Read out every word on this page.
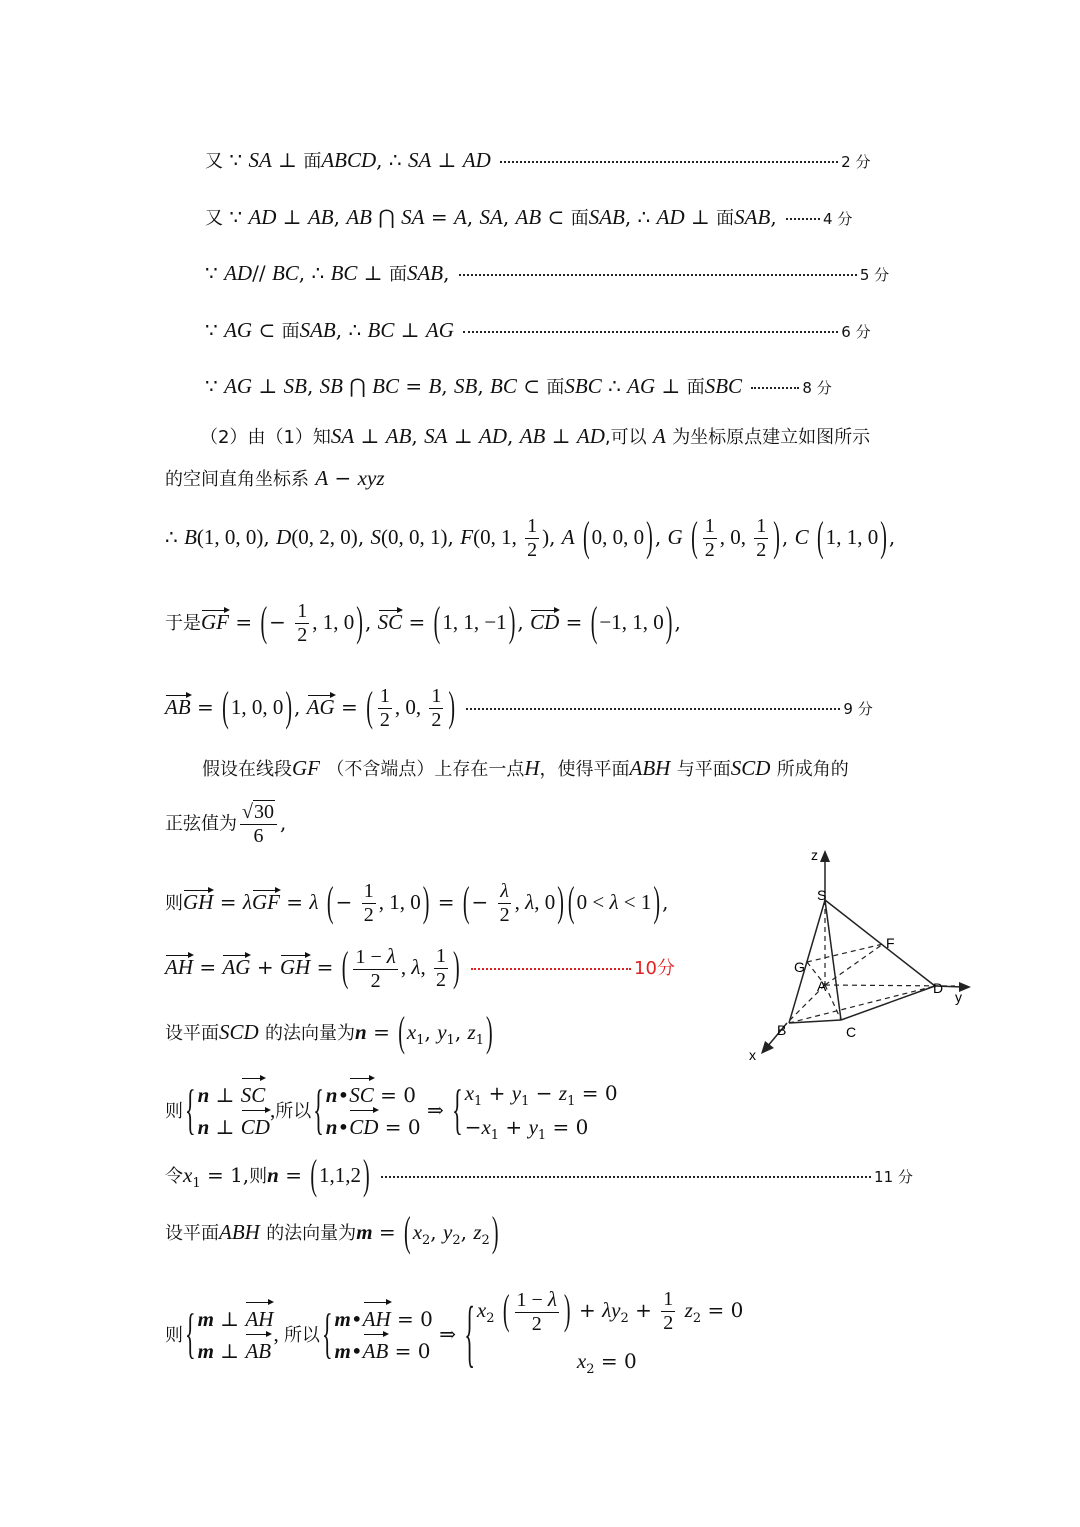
又 ∵ SA ⊥ 面ABCD, ∴ SA ⊥ AD	2 分
又 ∵ AD ⊥ AB, AB ⋂ SA = A, SA, AB ⊂ 面SAB, ∴ AD ⊥ 面SAB,	4 分
∵ AD// BC, ∴ BC ⊥ 面SAB,	5 分
∵ AG ⊂ 面SAB, ∴ BC ⊥ AG	6 分
∵ AG ⊥ SB, SB ⋂ BC = B, SB, BC ⊂ 面SBC ∴ AG ⊥ 面SBC	8 分
（2）由（1）知SA ⊥ AB, SA ⊥ AD, AB ⊥ AD,可以 A 为坐标原点建立如图所示
的空间直角坐标系 A − xyz
∴ B(1, 0, 0), D(0, 2, 0), S(0, 0, 1), F(0, 1, $\frac{1}{2}$ ), A (0, 0, 0 ) , G ( $\frac{1}{2}$ , 0, $\frac{1}{2}$ ) , C (1, 1, 0 ) ,
于是GF = ( − $\frac{1}{2}$ , 1, 0 ) , SC = (1, 1, −1 ) , CD = (−1, 1, 0 ) ,
AB = (1, 0, 0 ) , AG = ( $\frac{1}{2}$ , 0, $\frac{1}{2}$ )	9 分
假设在线段GF （不含端点）上存在一点H，使得平面ABH 与平面SCD 所成角的
正弦值为 $\frac{√30}{6}$ ,
则GH = λGF = λ ( − $\frac{1}{2}$ , 1, 0 ) = ( − $\frac{\lambda}{2}$ , λ, 0 ) (0 < λ < 1 ) ,
AH = AG + GH = ( $\frac{1 - \lambda}{2}$ , λ, $\frac{1}{2}$ )	10分
设平面SCD 的法向量为$n = (x_1$, $y_1$, $z_1$ )
则{ n ⊥ SC
n ⊥ CD
,所以{ n•SC = 0
n•CD = 0
⇒ { $x_1 + y_1 - z_1 = 0$
$-x_1 + y_1 = 0$
令$x_1 = 1$,则n = (1,1,2 )	11 分
设平面ABH 的法向量为$m = (x_2$, $y_2$, $z_2$ )
则{ m ⊥ AH
m ⊥ AB
, 所以{ m•AH = 0
m•AB = 0
⇒ { $x_2$ ( $\frac{1 - \lambda}{2}$ ) + $\lambda y_2 + \frac{1}{2} z_2 = 0$
$x_2 = 0$
z
y
x
S
F
G
A	D
B	C
